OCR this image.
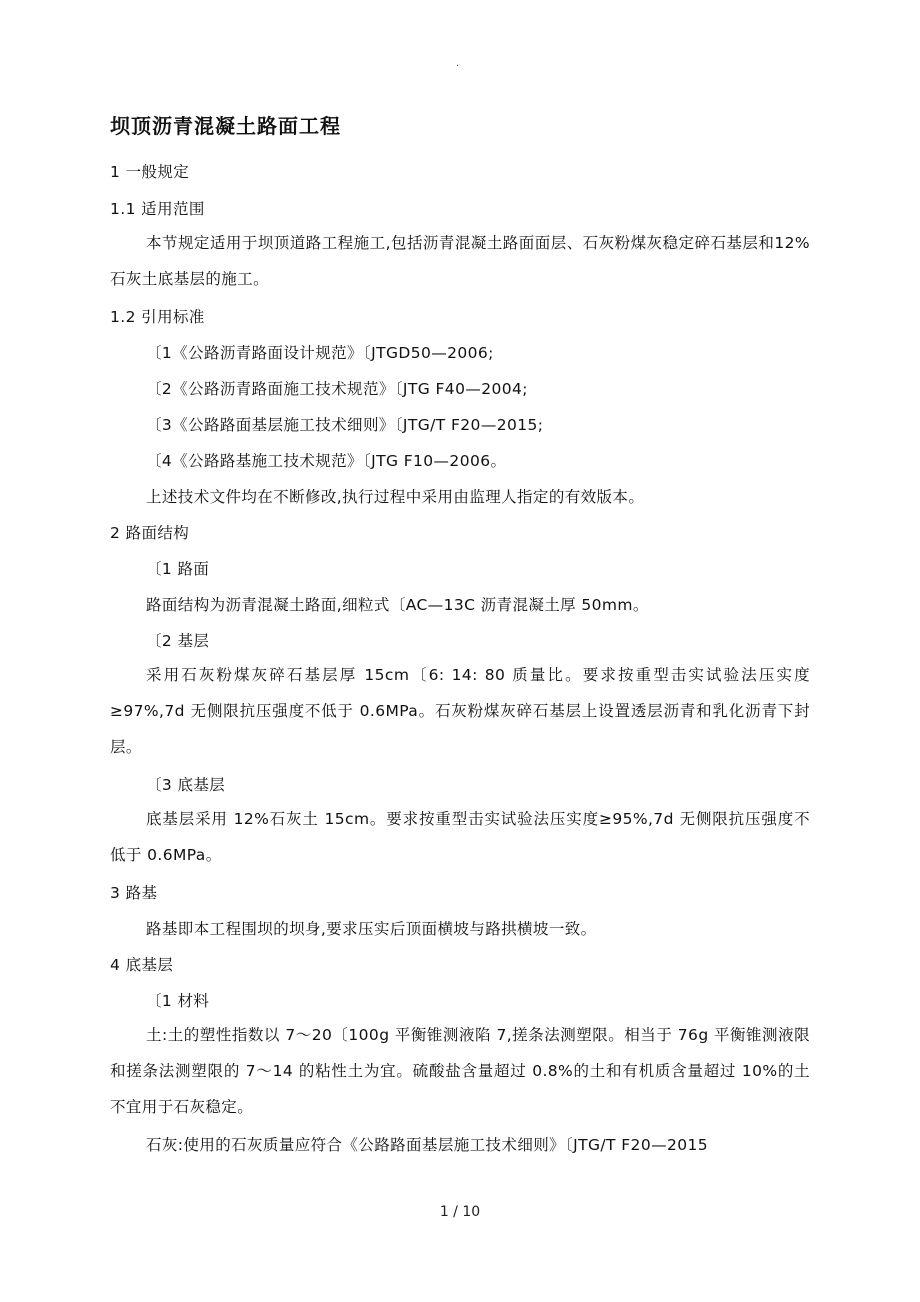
.
坝顶沥青混凝土路面工程
1 一般规定
1.1 适用范围
本节规定适用于坝顶道路工程施工,包括沥青混凝土路面面层、石灰粉煤灰稳定碎石基层和12%石灰土底基层的施工。
1.2 引用标准
〔1《公路沥青路面设计规范》〔JTGD50—2006;
〔2《公路沥青路面施工技术规范》〔JTG F40—2004;
〔3《公路路面基层施工技术细则》〔JTG/T F20—2015;
〔4《公路路基施工技术规范》〔JTG F10—2006。
上述技术文件均在不断修改,执行过程中采用由监理人指定的有效版本。
2 路面结构
〔1 路面
路面结构为沥青混凝土路面,细粒式〔AC—13C 沥青混凝土厚 50mm。
〔2 基层
采用石灰粉煤灰碎石基层厚 15cm〔6: 14: 80 质量比。要求按重型击实试验法压实度≥97%,7d 无侧限抗压强度不低于 0.6MPa。石灰粉煤灰碎石基层上设置透层沥青和乳化沥青下封层。
〔3 底基层
底基层采用 12%石灰土 15cm。要求按重型击实试验法压实度≥95%,7d 无侧限抗压强度不低于 0.6MPa。
3 路基
路基即本工程围坝的坝身,要求压实后顶面横坡与路拱横坡一致。
4 底基层
〔1 材料
土:土的塑性指数以 7～20〔100g 平衡锥测液陷 7,搓条法测塑限。相当于 76g 平衡锥测液限和搓条法测塑限的 7～14 的粘性土为宜。硫酸盐含量超过 0.8%的土和有机质含量超过 10%的土不宜用于石灰稳定。
石灰:使用的石灰质量应符合《公路路面基层施工技术细则》〔JTG/T F20—2015
1 / 10
